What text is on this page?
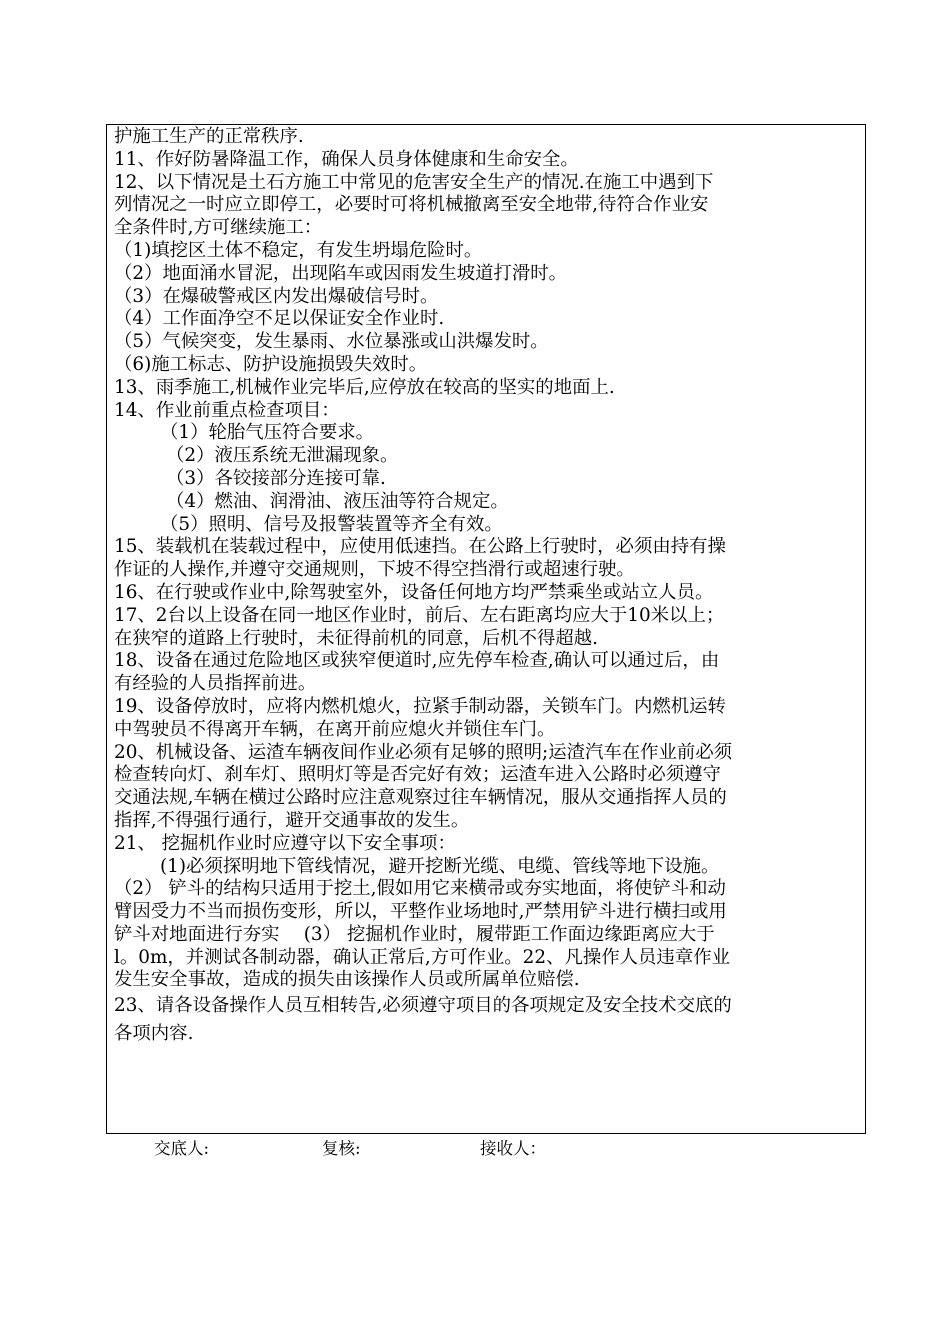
护施工生产的正常秩序.
11、作好防暑降温工作，确保人员身体健康和生命安全。
12、以下情况是土石方施工中常见的危害安全生产的情况.在施工中遇到下
列情况之一时应立即停工，必要时可将机械撤离至安全地带,待符合作业安
全条件时,方可继续施工：
（1)填挖区土体不稳定，有发生坍塌危险时。
（2）地面涌水冒泥，出现陷车或因雨发生坡道打滑时。
（3）在爆破警戒区内发出爆破信号时。
（4）工作面净空不足以保证安全作业时.
（5）气候突变，发生暴雨、水位暴涨或山洪爆发时。
（6)施工标志、防护设施损毁失效时。
13、雨季施工,机械作业完毕后,应停放在较高的坚实的地面上.
14、作业前重点检查项目：
（1）轮胎气压符合要求。
（2）液压系统无泄漏现象。
（3）各铰接部分连接可靠.
（4）燃油、润滑油、液压油等符合规定。
（5）照明、信号及报警装置等齐全有效。
15、装载机在装载过程中，应使用低速挡。在公路上行驶时，必须由持有操
作证的人操作,并遵守交通规则，下坡不得空挡滑行或超速行驶。
16、在行驶或作业中,除驾驶室外，设备任何地方均严禁乘坐或站立人员。
17、2台以上设备在同一地区作业时，前后、左右距离均应大于10米以上；
在狭窄的道路上行驶时，未征得前机的同意，后机不得超越.
18、设备在通过危险地区或狭窄便道时,应先停车检查,确认可以通过后，由
有经验的人员指挥前进。
19、设备停放时，应将内燃机熄火，拉紧手制动器，关锁车门。内燃机运转
中驾驶员不得离开车辆，在离开前应熄火并锁住车门。
20、机械设备、运渣车辆夜间作业必须有足够的照明;运渣汽车在作业前必须
检查转向灯、刹车灯、照明灯等是否完好有效；运渣车进入公路时必须遵守
交通法规,车辆在横过公路时应注意观察过往车辆情况，服从交通指挥人员的
指挥,不得强行通行，避开交通事故的发生。
21、 挖掘机作业时应遵守以下安全事项：
(1)必须探明地下管线情况，避开挖断光缆、电缆、管线等地下设施。
（2） 铲斗的结构只适用于挖土,假如用它来横帚或夯实地面，将使铲斗和动
臂因受力不当而损伤变形，所以，平整作业场地时,严禁用铲斗进行横扫或用
铲斗对地面进行夯实 　(3） 挖掘机作业时，履带距工作面边缘距离应大于
l。0m，并测试各制动器，确认正常后,方可作业。22、凡操作人员违章作业
发生安全事故，造成的损失由该操作人员或所属单位赔偿.
23、请各设备操作人员互相转告,必须遵守项目的各项规定及安全技术交底的
各项内容.
交底人:	复核:	接收人：
